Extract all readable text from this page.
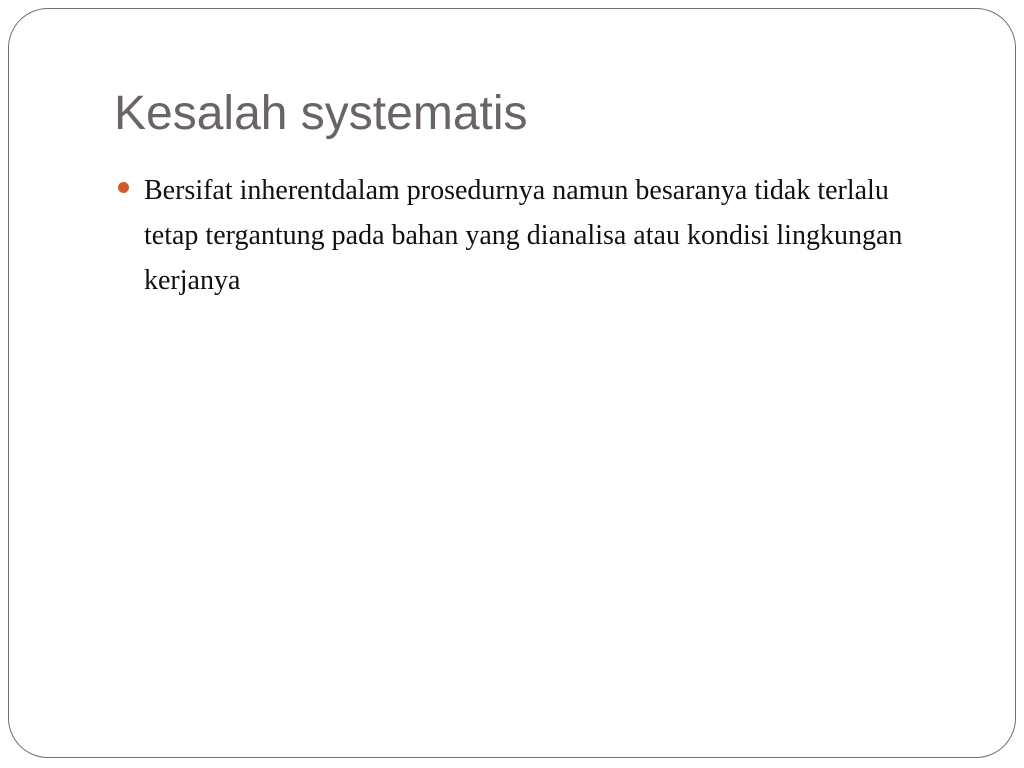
Kesalah systematis
Bersifat inherentdalam prosedurnya namun besaranya tidak terlalu tetap tergantung pada bahan yang dianalisa atau kondisi lingkungan kerjanya
